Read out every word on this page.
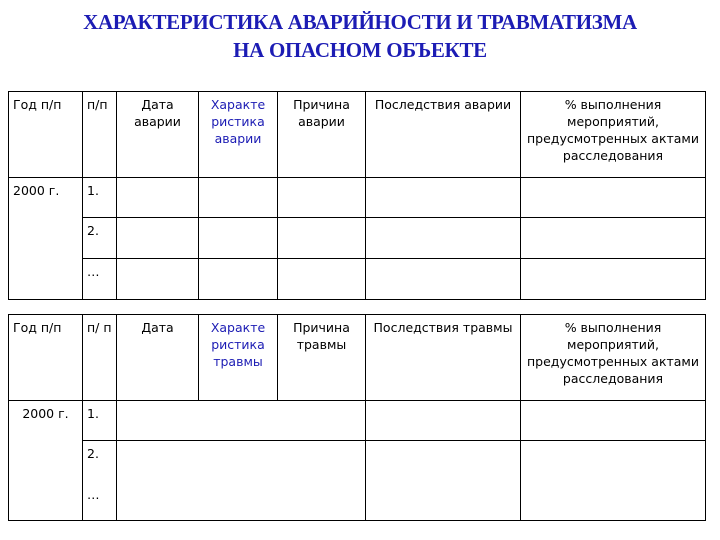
ХАРАКТЕРИСТИКА АВАРИЙНОСТИ И ТРАВМАТИЗМА
НА ОПАСНОМ ОБЪЕКТЕ
Год п/п	п/п	Дата аварии	Характе ристика аварии	Причина аварии	Последствия аварии	% выполнения мероприятий, предусмотренных актами расследования
2000 г.	1.					
	2.					
	…					
Год п/п	п/ п	Дата	Характе ристика травмы	Причина травмы	Последствия травмы	% выполнения мероприятий, предусмотренных актами расследования
2000 г.	1.					
	2.					
	…					
